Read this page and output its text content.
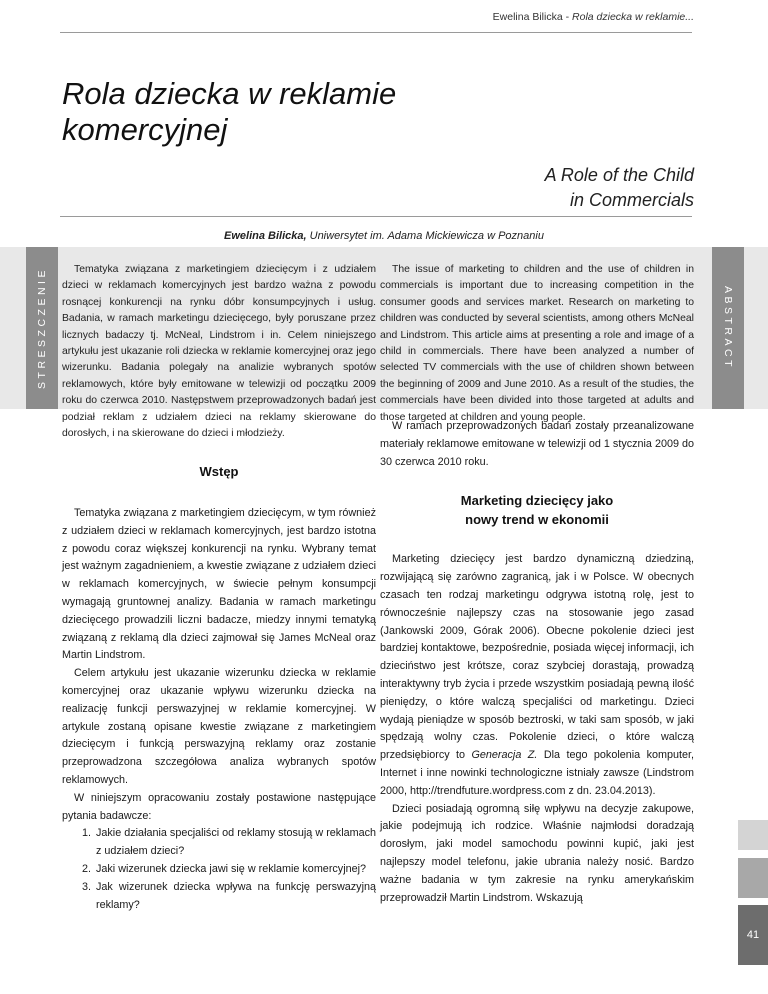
Ewelina Bilicka - Rola dziecka w reklamie...
Rola dziecka w reklamie komercyjnej
A Role of the Child
in Commercials
Ewelina Bilicka, Uniwersytet im. Adama Mickiewicza w Poznaniu
STRESZCZENIE	ABSTRACT
Tematyka związana z marketingiem dziecięcym i z udziałem dzieci w reklamach komercyjnych jest bardzo ważna z powodu rosnącej konkurencji na rynku dóbr konsumpcyjnych i usług. Badania, w ramach marketingu dziecięcego, były poruszane przez licznych badaczy tj. McNeal, Lindstrom i in. Celem niniejszego artykułu jest ukazanie roli dziecka w reklamie komercyjnej oraz jego wizerunku. Badania polegały na analizie wybranych spotów reklamowych, które były emitowane w telewizji od początku 2009 roku do czerwca 2010. Następstwem przeprowadzonych badań jest podział reklam z udziałem dzieci na reklamy skierowane do dorosłych, i na skierowane do dzieci i młodzieży.
The issue of marketing to children and the use of children in commercials is important due to increasing competition in the consumer goods and services market. Research on marketing to children was conducted by several scientists, among others McNeal and Lindstrom. This article aims at presenting a role and image of a child in commercials. There have been analyzed a number of selected TV commercials with the use of children shown between the beginning of 2009 and June 2010. As a result of the studies, the commercials have been divided into those targeted at adults and those targeted at children and young people.
Wstęp

Tematyka związana z marketingiem dziecięcym, w tym również z udziałem dzieci w reklamach komercyjnych, jest bardzo istotna z powodu coraz większej konkurencji na rynku. Wybrany temat jest ważnym zagadnieniem, a kwestie związane z udziałem dzieci w reklamach komercyjnych, w świecie pełnym konsumpcji wymagają gruntownej analizy. Badania w ramach marketingu dziecięcego prowadzili liczni badacze, miedzy innymi tematyką związaną z reklamą dla dzieci zajmował się James McNeal oraz Martin Lindstrom.

Celem artykułu jest ukazanie wizerunku dziecka w reklamie komercyjnej oraz ukazanie wpływu wizerunku dziecka na realizację funkcji perswazyjnej w reklamie komercyjnej. W artykule zostaną opisane kwestie związane z marketingiem dziecięcym i funkcją perswazyjną reklamy oraz zostanie przeprowadzona szczegółowa analiza wybranych spotów reklamowych.

W niniejszym opracowaniu zostały postawione następujące pytania badawcze:

1. Jakie działania specjaliści od reklamy stosują w reklamach z udziałem dzieci?
2. Jaki wizerunek dziecka jawi się w reklamie komercyjnej?
3. Jak wizerunek dziecka wpływa na funkcję perswazyjną reklamy?

W ramach przeprowadzonych badań zostały przeanalizowane materiały reklamowe emitowane w telewizji od 1 stycznia 2009 do 30 czerwca 2010 roku.

Marketing dziecięcy jako
nowy trend w ekonomii

Marketing dziecięcy jest bardzo dynamiczną dziedziną, rozwijającą się zarówno zagranicą, jak i w Polsce. W obecnych czasach ten rodzaj marketingu odgrywa istotną rolę, jest to równocześnie najlepszy czas na stosowanie jego zasad (Jankowski 2009, Górak 2006). Obecne pokolenie dzieci jest bardziej kontaktowe, bezpośrednie, posiada więcej informacji, ich dzieciństwo jest krótsze, coraz szybciej dorastają, prowadzą interaktywny tryb życia i przede wszystkim posiadają pewną ilość pieniędzy, o które walczą specjaliści od marketingu. Dzieci wydają pieniądze w sposób beztroski, w taki sam sposób, w jaki spędzają wolny czas. Pokolenie dzieci, o które walczą przedsiębiorcy to Generacja Z. Dla tego pokolenia komputer, Internet i inne nowinki technologiczne istniały zawsze (Lindstrom 2000, http://trendfuture.wordpress.com z dn. 23.04.2013).

Dzieci posiadają ogromną siłę wpływu na decyzje zakupowe, jakie podejmują ich rodzice. Właśnie najmłodsi doradzają dorosłym, jaki model samochodu powinni kupić, jaki jest najlepszy model telefonu, jakie ubrania należy nosić. Bardzo ważne badania w tym zakresie na rynku amerykańskim przeprowadził Martin Lindstrom. Wskazują

41
